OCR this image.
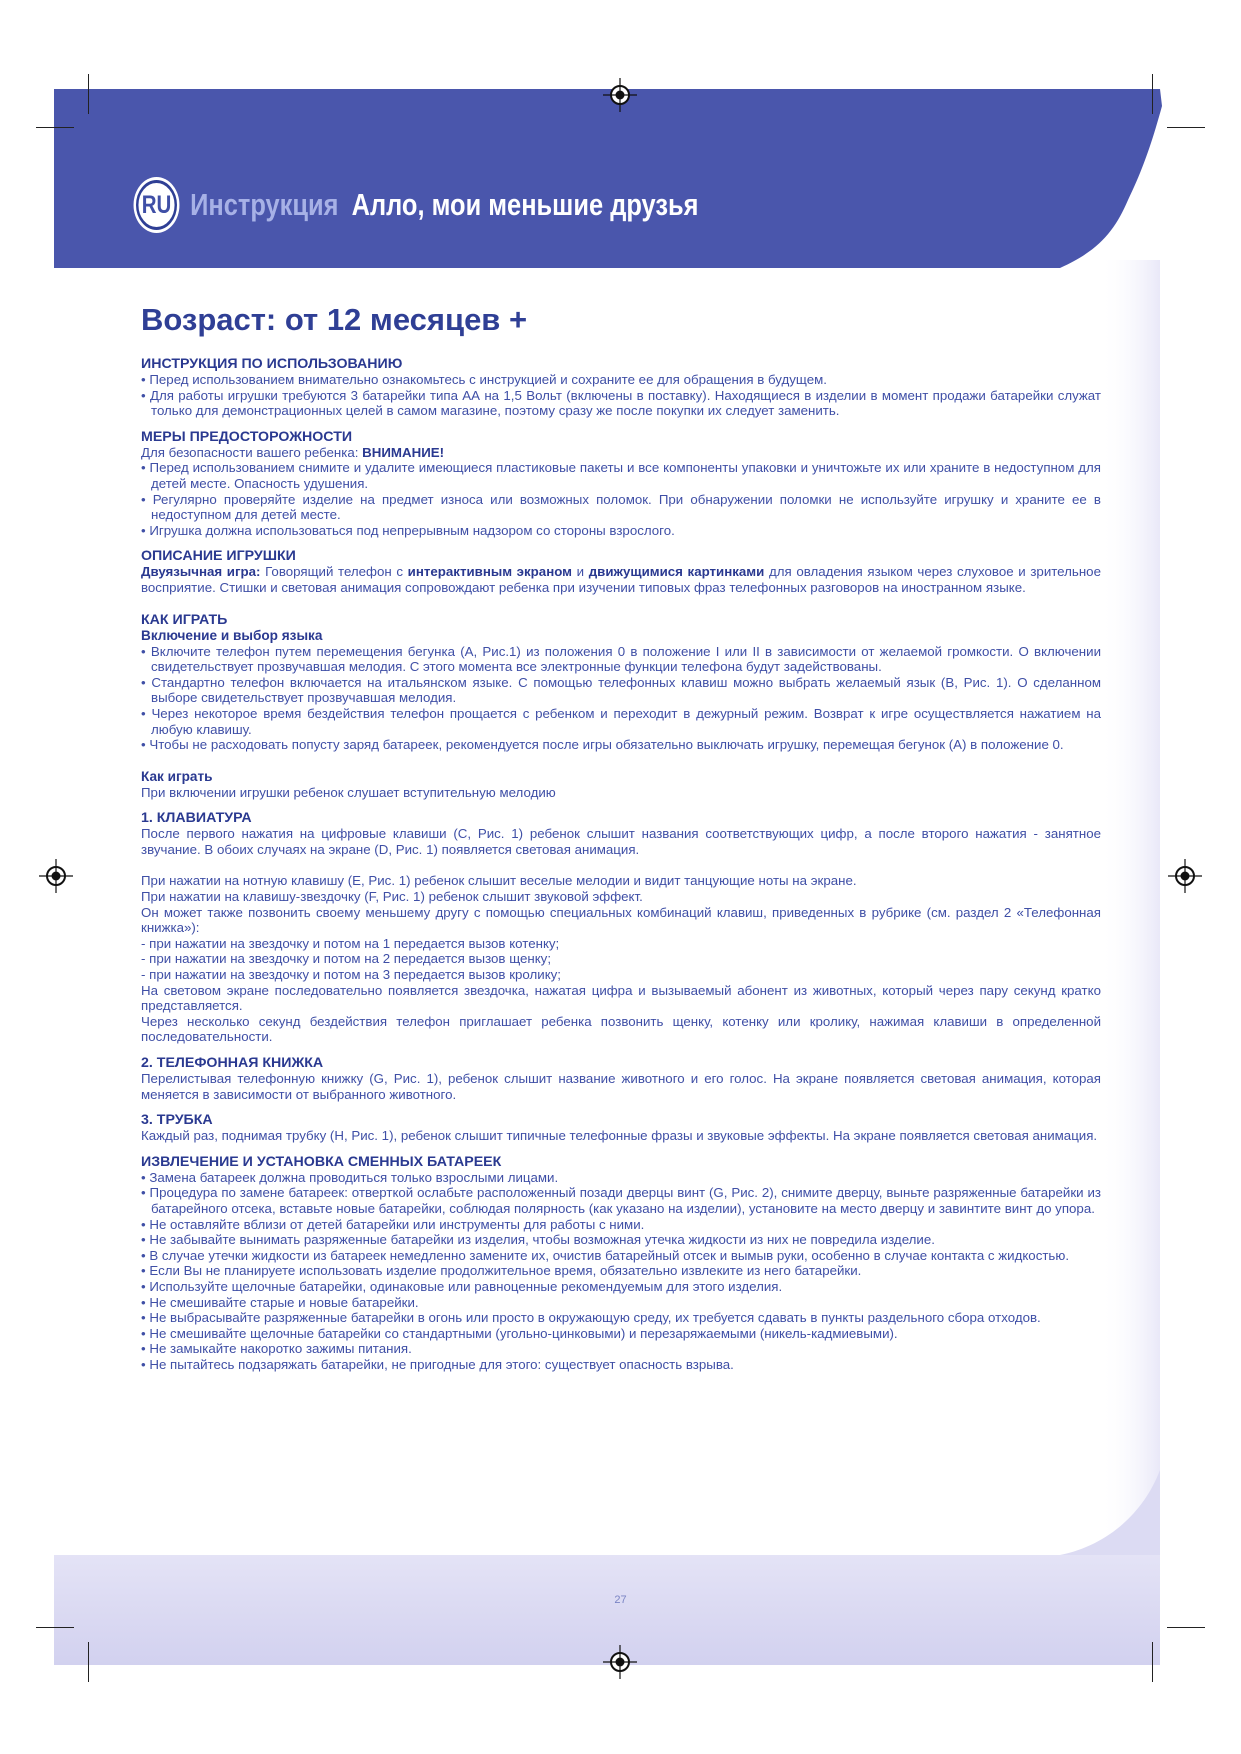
RU Инструкция Алло, мои меньшие друзья
Возраст: от 12 месяцев +
ИНСТРУКЦИЯ ПО ИСПОЛЬЗОВАНИЮ

• Перед использованием внимательно ознакомьтесь с инструкцией и сохраните ее для обращения в будущем.

• Для работы игрушки требуются 3 батарейки типа АА на 1,5 Вольт (включены в поставку). Находящиеся в изделии в момент продажи батарейки служат только для демонстрационных целей в самом магазине, поэтому сразу же после покупки их следует заменить.

МЕРЫ ПРЕДОСТОРОЖНОСТИ

Для безопасности вашего ребенка: ВНИМАНИЕ!

• Перед использованием снимите и удалите имеющиеся пластиковые пакеты и все компоненты упаковки и уничтожьте их или храните в недоступном для детей месте. Опасность удушения.

• Регулярно проверяйте изделие на предмет износа или возможных поломок. При обнаружении поломки не используйте игрушку и храните ее в недоступном для детей месте.

• Игрушка должна использоваться под непрерывным надзором со стороны взрослого.

ОПИСАНИЕ ИГРУШКИ

Двуязычная игра: Говорящий телефон с интерактивным экраном и движущимися картинками для овладения языком через слуховое и зрительное восприятие. Стишки и световая анимация сопровождают ребенка при изучении типовых фраз телефонных разговоров на иностранном языке.

КАК ИГРАТЬ
Включение и выбор языка

• Включите телефон путем перемещения бегунка (А, Рис.1) из положения 0 в положение I или II в зависимости от желаемой громкости. О включении свидетельствует прозвучавшая мелодия. С этого момента все электронные функции телефона будут задействованы.

• Стандартно телефон включается на итальянском языке. С помощью телефонных клавиш можно выбрать желаемый язык (В, Рис. 1). О сделанном выборе свидетельствует прозвучавшая мелодия.

• Через некоторое время бездействия телефон прощается с ребенком и переходит в дежурный режим. Возврат к игре осуществляется нажатием на любую клавишу.

• Чтобы не расходовать попусту заряд батареек, рекомендуется после игры обязательно выключать игрушку, перемещая бегунок (А) в положение 0.

Как играть

При включении игрушки ребенок слушает вступительную мелодию

1. КЛАВИАТУРА

После первого нажатия на цифровые клавиши (С, Рис. 1) ребенок слышит названия соответствующих цифр, а после второго нажатия - занятное звучание. В обоих случаях на экране (D, Рис. 1) появляется световая анимация.

При нажатии на нотную клавишу (Е, Рис. 1) ребенок слышит веселые мелодии и видит танцующие ноты на экране.

При нажатии на клавишу-звездочку (F, Рис. 1) ребенок слышит звуковой эффект.

Он может также позвонить своему меньшему другу с помощью специальных комбинаций клавиш, приведенных в рубрике (см. раздел 2 «Телефонная книжка»):

- при нажатии на звездочку и потом на 1 передается вызов котенку;

- при нажатии на звездочку и потом на 2 передается вызов щенку;

- при нажатии на звездочку и потом на 3 передается вызов кролику;

На световом экране последовательно появляется звездочка, нажатая цифра и вызываемый абонент из животных, который через пару секунд кратко представляется.

Через несколько секунд бездействия телефон приглашает ребенка позвонить щенку, котенку или кролику, нажимая клавиши в определенной последовательности.

2. ТЕЛЕФОННАЯ КНИЖКА

Перелистывая телефонную книжку (G, Рис. 1), ребенок слышит название животного и его голос. На экране появляется световая анимация, которая меняется в зависимости от выбранного животного.

3. ТРУБКА

Каждый раз, поднимая трубку (Н, Рис. 1), ребенок слышит типичные телефонные фразы и звуковые эффекты. На экране появляется световая анимация.

ИЗВЛЕЧЕНИЕ И УСТАНОВКА СМЕННЫХ БАТАРЕЕК

• Замена батареек должна проводиться только взрослыми лицами.

• Процедура по замене батареек: отверткой ослабьте расположенный позади дверцы винт (G, Рис. 2), снимите дверцу, выньте разряженные батарейки из батарейного отсека, вставьте новые батарейки, соблюдая полярность (как указано на изделии), установите на место дверцу и завинтите винт до упора.

• Не оставляйте вблизи от детей батарейки или инструменты для работы с ними.

• Не забывайте вынимать разряженные батарейки из изделия, чтобы возможная утечка жидкости из них не повредила изделие.

• В случае утечки жидкости из батареек немедленно замените их, очистив батарейный отсек и вымыв руки, особенно в случае контакта с жидкостью.

• Если Вы не планируете использовать изделие продолжительное время, обязательно извлеките из него батарейки.

• Используйте щелочные батарейки, одинаковые или равноценные рекомендуемым для этого изделия.

• Не смешивайте старые и новые батарейки.

• Не выбрасывайте разряженные батарейки в огонь или просто в окружающую среду, их требуется сдавать в пункты раздельного сбора отходов.

• Не смешивайте щелочные батарейки со стандартными (угольно-цинковыми) и перезаряжаемыми (никель-кадмиевыми).

• Не замыкайте накоротко зажимы питания.

• Не пытайтесь подзаряжать батарейки, не пригодные для этого: существует опасность взрыва.

27
